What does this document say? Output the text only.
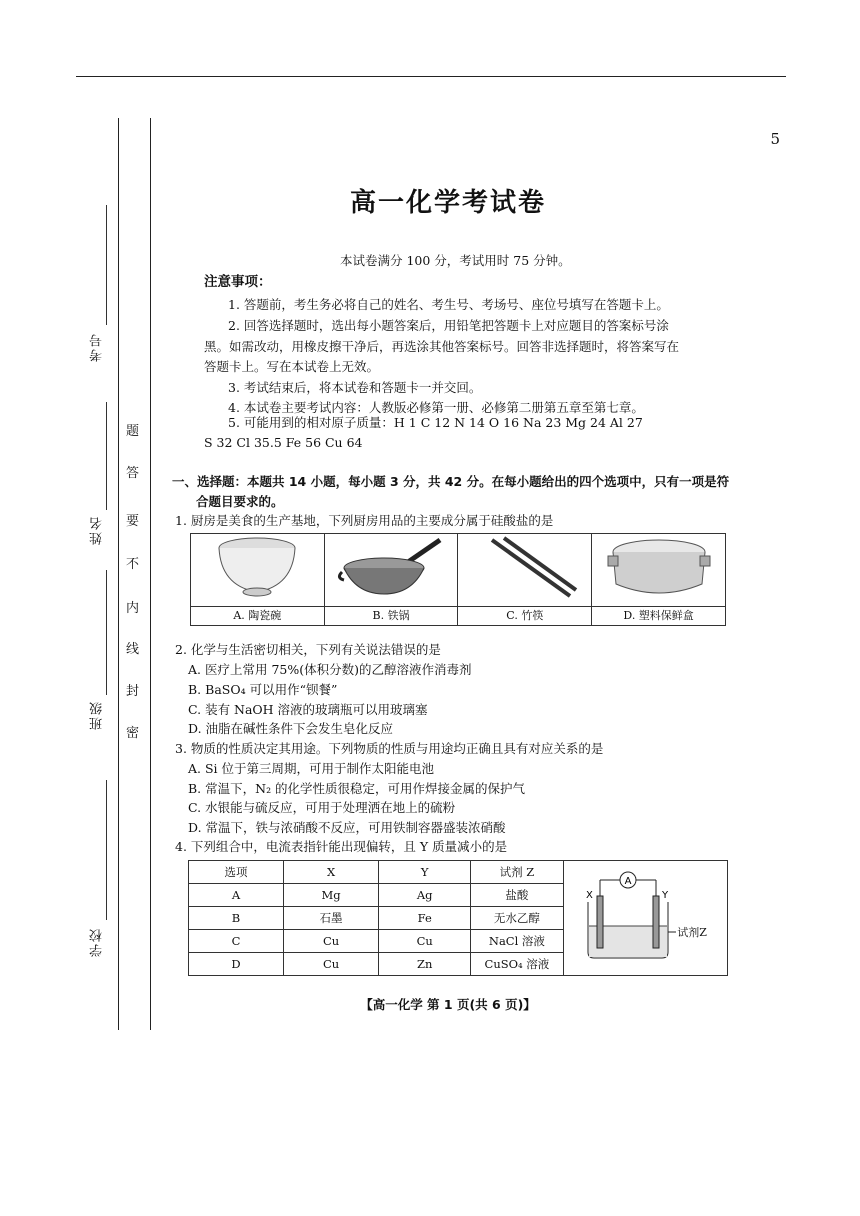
考号
姓名
班级
学校
题
答
要
不
内
线
封
密
5
高一化学考试卷
本试卷满分 100 分，考试用时 75 分钟。
注意事项：
1. 答题前，考生务必将自己的姓名、考生号、考场号、座位号填写在答题卡上。
2. 回答选择题时，选出每小题答案后，用铅笔把答题卡上对应题目的答案标号涂
黑。如需改动，用橡皮擦干净后，再选涂其他答案标号。回答非选择题时，将答案写在
答题卡上。写在本试卷上无效。
3. 考试结束后，将本试卷和答题卡一并交回。
4. 本试卷主要考试内容：人教版必修第一册、必修第二册第五章至第七章。
5. 可能用到的相对原子质量：H 1 C 12 N 14 O 16 Na 23 Mg 24 Al 27
S 32 Cl 35.5 Fe 56 Cu 64
一、选择题：本题共 14 小题，每小题 3 分，共 42 分。在每小题给出的四个选项中，只有一项是符
合题目要求的。
1. 厨房是美食的生产基地，下列厨房用品的主要成分属于硅酸盐的是
A. 陶瓷碗	B. 铁锅	C. 竹筷	D. 塑料保鲜盒
2. 化学与生活密切相关，下列有关说法错误的是
A. 医疗上常用 75%(体积分数)的乙醇溶液作消毒剂
B. BaSO₄ 可以用作“钡餐”
C. 装有 NaOH 溶液的玻璃瓶可以用玻璃塞
D. 油脂在碱性条件下会发生皂化反应
3. 物质的性质决定其用途。下列物质的性质与用途均正确且具有对应关系的是
A. Si 位于第三周期，可用于制作太阳能电池
B. 常温下，N₂ 的化学性质很稳定，可用作焊接金属的保护气
C. 水银能与硫反应，可用于处理洒在地上的硫粉
D. 常温下，铁与浓硝酸不反应，可用铁制容器盛装浓硝酸
4. 下列组合中，电流表指针能出现偏转，且 Y 质量减小的是
选项	X	Y	试剂 Z	A
X Y
试剂Z
A	Mg	Ag	盐酸	
B	石墨	Fe	无水乙醇	
C	Cu	Cu	NaCl 溶液	
D	Cu	Zn	CuSO₄ 溶液	
【高一化学 第 1 页(共 6 页)】
